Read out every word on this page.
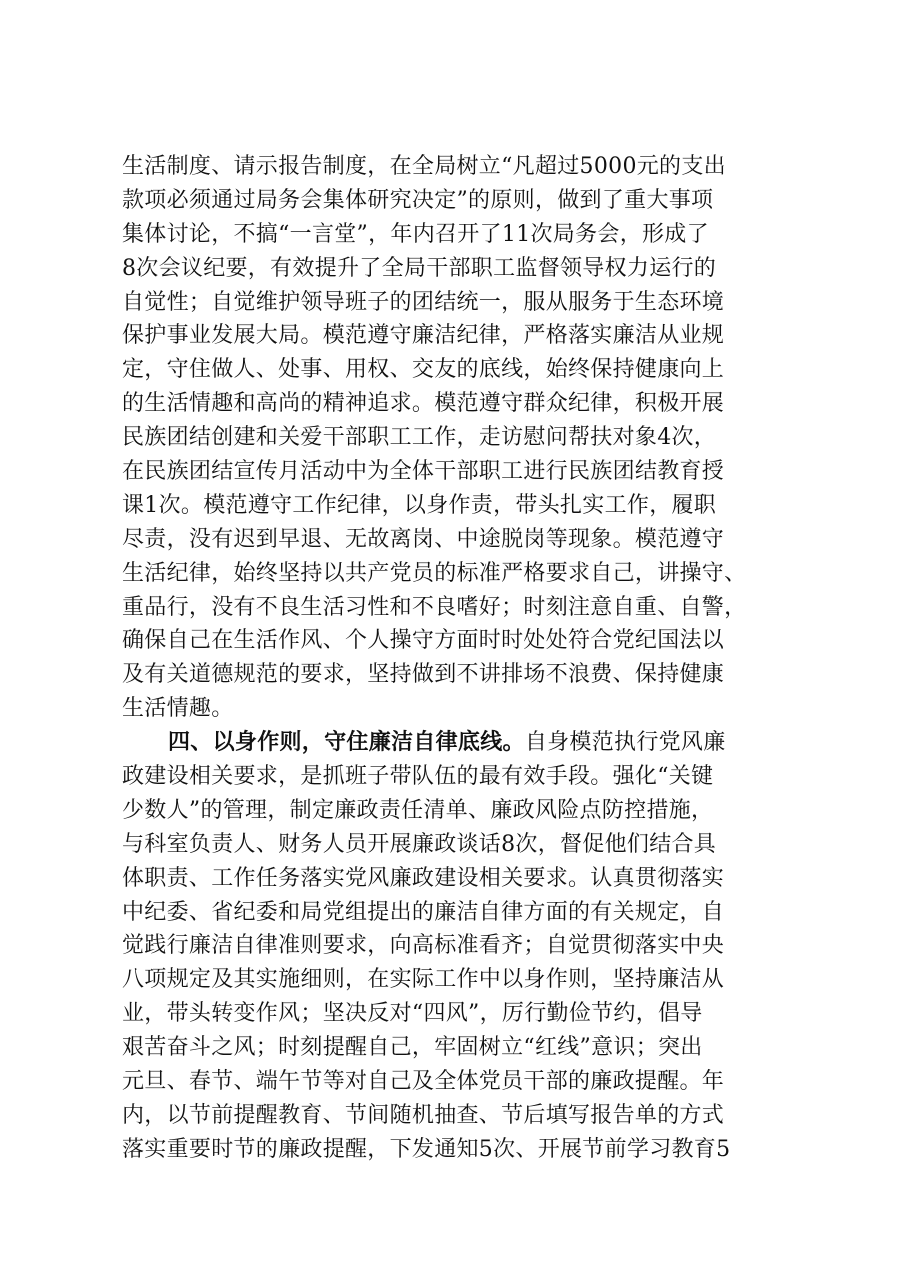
生活制度、请示报告制度，在全局树立“凡超过5000元的支出
款项必须通过局务会集体研究决定”的原则，做到了重大事项
集体讨论，不搞“一言堂”，年内召开了11次局务会，形成了
8次会议纪要，有效提升了全局干部职工监督领导权力运行的
自觉性；自觉维护领导班子的团结统一，服从服务于生态环境
保护事业发展大局。模范遵守廉洁纪律，严格落实廉洁从业规
定，守住做人、处事、用权、交友的底线，始终保持健康向上
的生活情趣和高尚的精神追求。模范遵守群众纪律，积极开展
民族团结创建和关爱干部职工工作，走访慰问帮扶对象4次，
在民族团结宣传月活动中为全体干部职工进行民族团结教育授
课1次。模范遵守工作纪律，以身作责，带头扎实工作，履职
尽责，没有迟到早退、无故离岗、中途脱岗等现象。模范遵守
生活纪律，始终坚持以共产党员的标准严格要求自己，讲操守、
重品行，没有不良生活习性和不良嗜好；时刻注意自重、自警，
确保自己在生活作风、个人操守方面时时处处符合党纪国法以
及有关道德规范的要求，坚持做到不讲排场不浪费、保持健康
生活情趣。
四、以身作则，守住廉洁自律底线。自身模范执行党风廉
政建设相关要求，是抓班子带队伍的最有效手段。强化“关键
少数人”的管理，制定廉政责任清单、廉政风险点防控措施，
与科室负责人、财务人员开展廉政谈话8次，督促他们结合具
体职责、工作任务落实党风廉政建设相关要求。认真贯彻落实
中纪委、省纪委和局党组提出的廉洁自律方面的有关规定，自
觉践行廉洁自律准则要求，向高标准看齐；自觉贯彻落实中央
八项规定及其实施细则，在实际工作中以身作则，坚持廉洁从
业，带头转变作风；坚决反对“四风”，厉行勤俭节约，倡导
艰苦奋斗之风；时刻提醒自己，牢固树立“红线”意识；突出
元旦、春节、端午节等对自己及全体党员干部的廉政提醒。年
内，以节前提醒教育、节间随机抽查、节后填写报告单的方式
落实重要时节的廉政提醒，下发通知5次、开展节前学习教育5
